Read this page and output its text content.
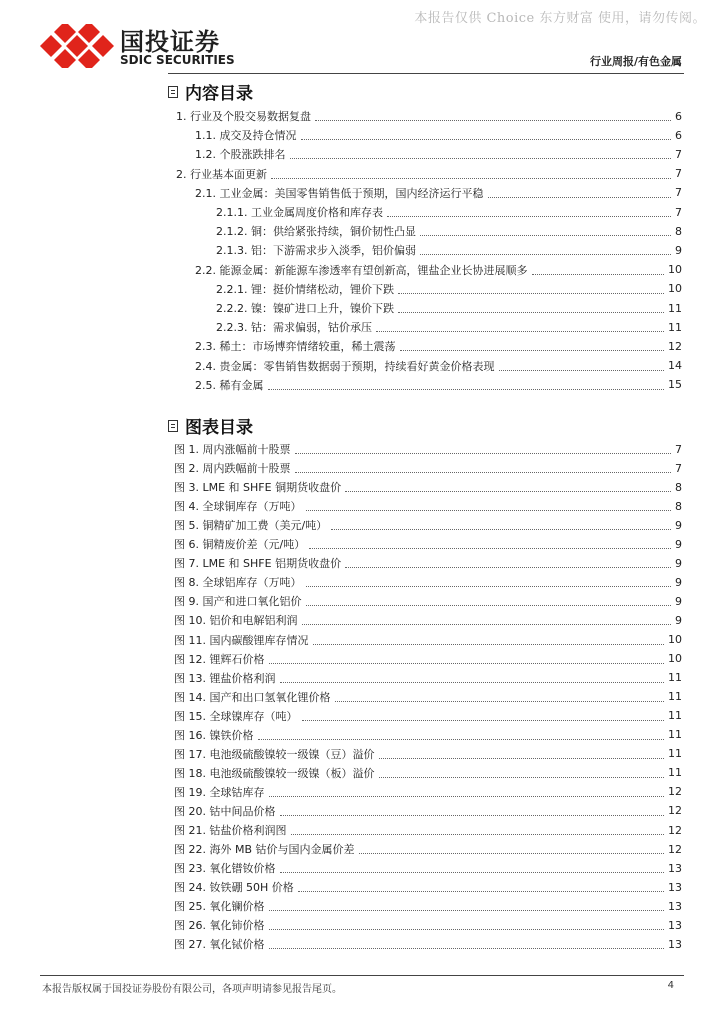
本报告仅供 Choice 东方财富 使用，请勿传阅。
国投证券
SDIC SECURITIES	行业周报/有色金属
内容目录
1. 行业及个股交易数据复盘	6
1.1. 成交及持仓情况	6
1.2. 个股涨跌排名	7
2. 行业基本面更新	7
2.1. 工业金属：美国零售销售低于预期，国内经济运行平稳	7
2.1.1. 工业金属周度价格和库存表	7
2.1.2. 铜：供给紧张持续，铜价韧性凸显	8
2.1.3. 铝：下游需求步入淡季，铝价偏弱	9
2.2. 能源金属：新能源车渗透率有望创新高，锂盐企业长协进展顺多	10
2.2.1. 锂：挺价情绪松动，锂价下跌	10
2.2.2. 镍：镍矿进口上升，镍价下跌	11
2.2.3. 钴：需求偏弱，钴价承压	11
2.3. 稀土：市场博弈情绪较重，稀土震荡	12
2.4. 贵金属：零售销售数据弱于预期，持续看好黄金价格表现	14
2.5. 稀有金属	15
图表目录
图 1. 周内涨幅前十股票	7
图 2. 周内跌幅前十股票	7
图 3. LME 和 SHFE 铜期货收盘价	8
图 4. 全球铜库存（万吨）	8
图 5. 铜精矿加工费（美元/吨）	9
图 6. 铜精废价差（元/吨）	9
图 7. LME 和 SHFE 铝期货收盘价	9
图 8. 全球铝库存（万吨）	9
图 9. 国产和进口氧化铝价	9
图 10. 铝价和电解铝利润	9
图 11. 国内碳酸锂库存情况	10
图 12. 锂辉石价格	10
图 13. 锂盐价格利润	11
图 14. 国产和出口氢氧化锂价格	11
图 15. 全球镍库存（吨）	11
图 16. 镍铁价格	11
图 17. 电池级硫酸镍较一级镍（豆）溢价	11
图 18. 电池级硫酸镍较一级镍（板）溢价	11
图 19. 全球钴库存	12
图 20. 钴中间品价格	12
图 21. 钴盐价格利润图	12
图 22. 海外 MB 钴价与国内金属价差	12
图 23. 氧化镨钕价格	13
图 24. 钕铁硼 50H 价格	13
图 25. 氧化镧价格	13
图 26. 氧化铈价格	13
图 27. 氧化铽价格	13
本报告版权属于国投证券股份有限公司，各项声明请参见报告尾页。	4
